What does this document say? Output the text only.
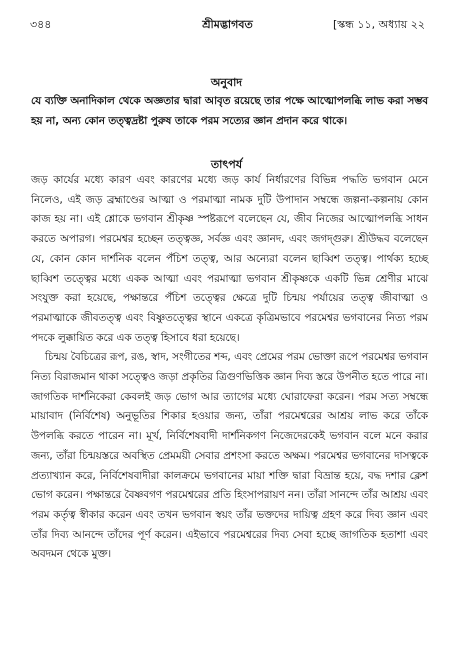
৩৪৪	শ্রীমদ্ভাগবত	[স্কন্ধ ১১, অধ্যায় ২২
অনুবাদ
যে ব্যক্তি অনাদিকাল থেকে অজ্ঞতার দ্বারা আবৃত রয়েছে তার পক্ষে আত্মোপলব্ধি লাভ করা সম্ভব হয় না, অন্য কোন তত্ত্বদ্রষ্টা পুরুষ তাকে পরম সত্যের জ্ঞান প্রদান করে থাকে।
তাৎপর্য

জড় কার্যের মধ্যে কারণ এবং কারণের মধ্যে জড় কার্য নির্ধারণের বিভিন্ন পদ্ধতি ভগবান মেনে নিলেও, এই জড় ব্রহ্মাণ্ডের আত্মা ও পরমাত্মা নামক দুটি উপাদান সম্বন্ধে জল্পনা-কল্পনায় কোন কাজ হয় না। এই শ্লোকে ভগবান শ্রীকৃষ্ণ স্পষ্টরূপে বলেছেন যে, জীব নিজের আত্মোপলব্ধি সাধন করতে অপারগ। পরমেশ্বর হচ্ছেন তত্ত্বজ্ঞ, সর্বজ্ঞ এবং জ্ঞানদ, এবং জগদ্গুরু। শ্রীউদ্ধব বলেছেন যে, কোন কোন দার্শনিক বলেন পঁচিশ তত্ত্ব, আর অন্যেরা বলেন ছাব্বিশ তত্ত্ব। পার্থক্য হচ্ছে ছাব্বিশ তত্ত্বের মধ্যে একক আত্মা এবং পরমাত্মা ভগবান শ্রীকৃষ্ণকে একটি ভিন্ন শ্রেণীর মাঝে সংযুক্ত করা হয়েছে, পক্ষান্তরে পঁচিশ তত্ত্বের ক্ষেত্রে দুটি চিন্ময় পর্যায়ের তত্ত্ব জীবাত্মা ও পরমাত্মাকে জীবতত্ত্ব এবং বিষ্ণুতত্ত্বের স্থানে একত্রে কৃত্রিমভাবে পরমেশ্বর ভগবানের নিত্য পরম পদকে লুক্কায়িত করে এক তত্ত্ব হিসাবে ধরা হয়েছে।

চিন্ময় বৈচিত্রের রূপ, রঙ, স্বাদ, সংগীতের শব্দ, এবং প্রেমের পরম ভোক্তা রূপে পরমেশ্বর ভগবান নিত্য বিরাজমান থাকা সত্ত্বেও জড়া প্রকৃতির ত্রিগুণভিত্তিক জ্ঞান দিব্য স্তরে উপনীত হতে পারে না। জাগতিক দার্শনিকেরা কেবলই জড় ভোগ আর ত্যাগের মধ্যে ঘোরাফেরা করেন। পরম সত্য সম্বন্ধে মায়াবাদ (নির্বিশেষ) অনুভূতির শিকার হওয়ার জন্য, তাঁরা পরমেশ্বরের আশ্রয় লাভ করে তাঁকে উপলব্ধি করতে পারেন না। মূর্খ, নির্বিশেষবাদী দার্শনিকগণ নিজেদেরকেই ভগবান বলে মনে করার জন্য, তাঁরা চিন্ময়স্তরে অবস্থিত প্রেমময়ী সেবার প্রশংসা করতে অক্ষম। পরমেশ্বর ভগবানের দাসত্বকে প্রত্যাখ্যান করে, নির্বিশেষবাদীরা কালক্রমে ভগবানের মায়া শক্তি দ্বারা বিভ্রান্ত হয়ে, বদ্ধ দশার ক্লেশ ভোগ করেন। পক্ষান্তরে বৈষ্ণবগণ পরমেশ্বরের প্রতি হিংসাপরায়ণ নন। তাঁরা সানন্দে তাঁর আশ্রয় এবং পরম কর্তৃত্ব স্বীকার করেন এবং তখন ভগবান স্বয়ং তাঁর ভক্তদের দায়িত্ব গ্রহণ করে দিব্য জ্ঞান এবং তাঁর দিব্য আনন্দে তাঁদের পূর্ণ করেন। এইভাবে পরমেশ্বরের দিব্য সেবা হচ্ছে জাগতিক হতাশা এবং অবদমন থেকে মুক্ত।
